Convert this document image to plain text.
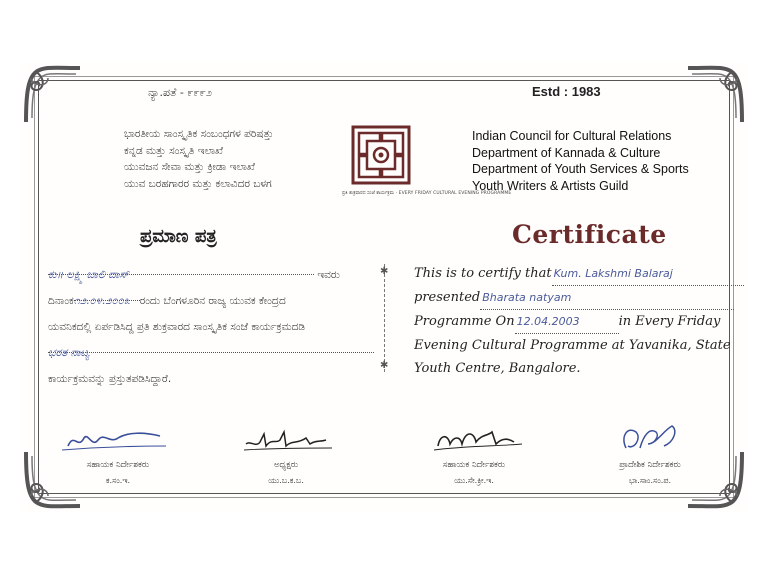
ನ್ಯಾ.ಪತೆ - ೯೯೯೨	Estd : 1983
ಭಾರತೀಯ ಸಾಂಸ್ಕೃತಿಕ ಸಂಬಂಧಗಳ ಪರಿಷತ್ತು
ಕನ್ನಡ ಮತ್ತು ಸಂಸ್ಕೃತಿ ಇಲಾಖೆ
ಯುವಜನ ಸೇವಾ ಮತ್ತು ಕ್ರೀಡಾ ಇಲಾಖೆ
ಯುವ ಬರಹಗಾರರ ಮತ್ತು ಕಲಾವಿದರ ಬಳಗ
ಪ್ರತಿ ಶುಕ್ರವಾರದ ಸಂಜೆ ಕಾರ್ಯಕ್ರಮ · EVERY FRIDAY CULTURAL EVENING PROGRAMME
Indian Council for Cultural Relations
Department of Kannada & Culture
Department of Youth Services & Sports
Youth Writers & Artists Guild
ಪ್ರಮಾಣ ಪತ್ರ	Certificate
ಕು॥ ಲಕ್ಷ್ಮಿ ಬಾಲಿ ದಾಸ್	ಇವರು
ದಿನಾಂಕ೧೨.೦೪.೨೦೦೩ ರಂದು ಬೆಂಗಳೂರಿನ ರಾಜ್ಯ ಯುವಕ ಕೇಂದ್ರದ
ಯವನಿಕದಲ್ಲಿ ಏರ್ಪಡಿಸಿದ್ದ ಪ್ರತಿ ಶುಕ್ರವಾರದ ಸಾಂಸ್ಕೃತಿಕ ಸಂಜೆ ಕಾರ್ಯಕ್ರಮದಡಿ
ಭರತ ನಾಟ್ಯ
ಕಾರ್ಯಕ್ರಮವನ್ನು ಪ್ರಸ್ತುತಪಡಿಸಿದ್ದಾರೆ.
✱
✱
This is to certify that Kum. Lakshmi Balaraj
presented Bharata natyam
Programme On 12.04.2003	in Every Friday
Evening Cultural Programme at Yavanika, State
Youth Centre, Bangalore.
ಸಹಾಯಕ ನಿರ್ದೇಶಕರು
ಕ.ಸಂ.ಇ.
ಅಧ್ಯಕ್ಷರು
ಯು.ಬ.ಕ.ಬ.
ಸಹಾಯಕ ನಿರ್ದೇಶಕರು
ಯು.ಸೇ.ಕ್ರೀ.ಇ.
ಪ್ರಾದೇಶಿಕ ನಿರ್ದೇಶಕರು
ಭಾ.ಸಾಂ.ಸಂ.ಪ.
